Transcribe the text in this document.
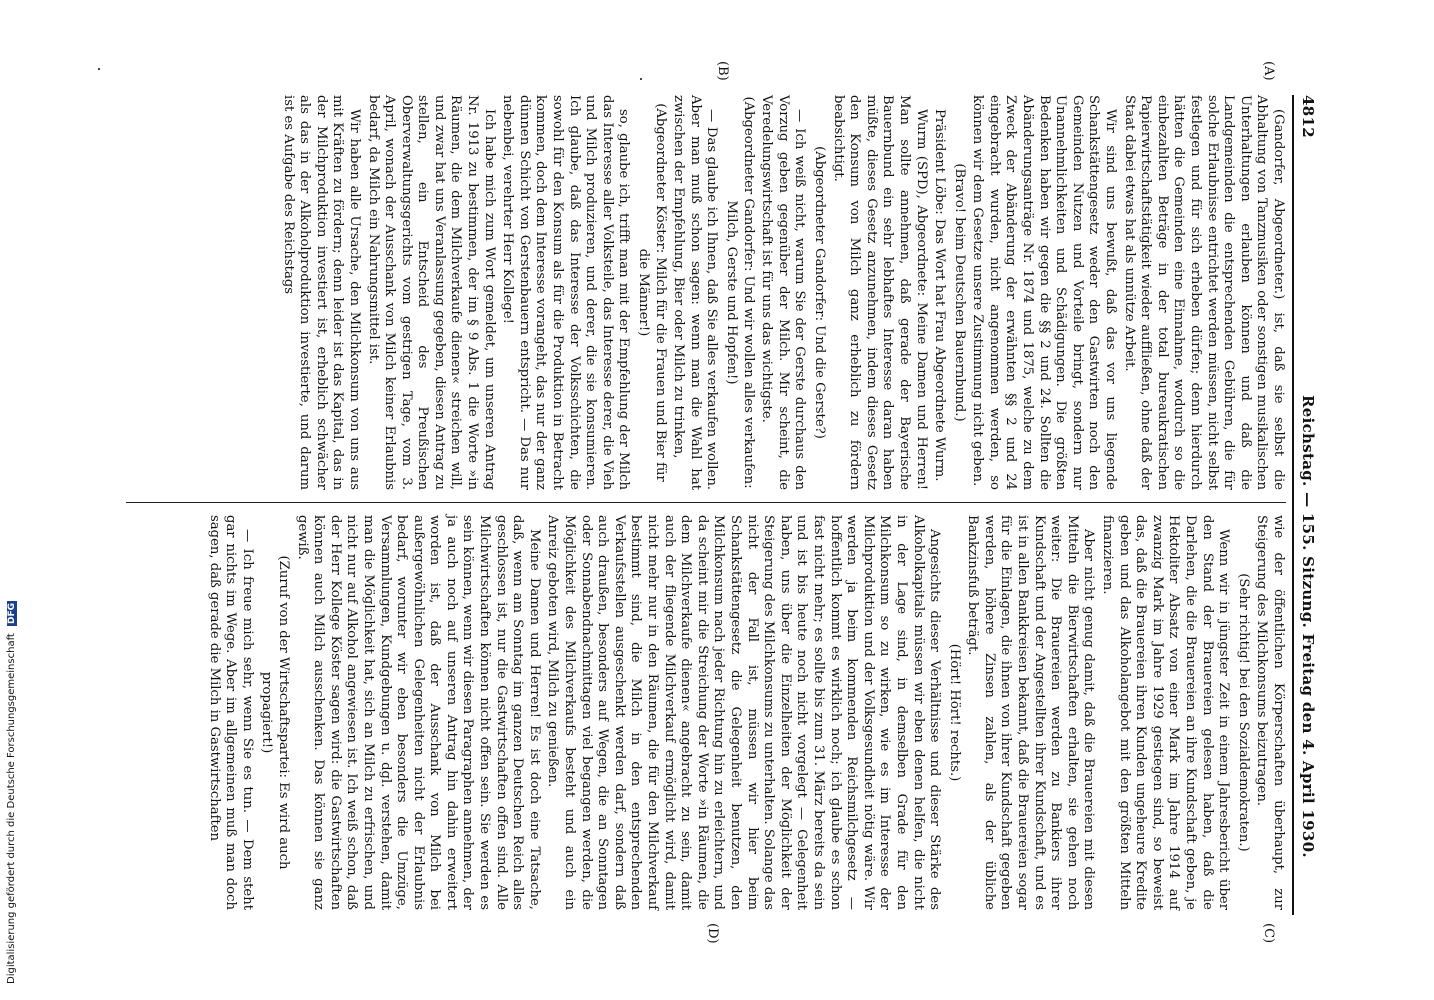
4812
Reichstag. — 155. Sitzung. Freitag den 4. April 1930.
(A)
(B)
(C)
(D)

(Gandorfer, Abgeordneter.) ist, daß sie selbst die Abhaltung von Tanzmusiken oder sonstigen musikalischen Unterhaltungen erlauben können und daß die Landgemeinden die entsprechenden Gebühren, die für solche Erlaubnisse entrichtet werden müssen, nicht selbst festlegen und für sich erheben dürfen; denn hierdurch hätten die Gemeinden eine Einnahme, wodurch so die einbezahlten Beträge in der total bureaukratischen Papierwirtschaftstätigkeit wieder auffließen, ohne daß der Staat dabei etwas hat als unnütze Arbeit.

Wir sind uns bewußt, daß das vor uns liegende Schankstättengesetz weder den Gastwirten noch den Gemeinden Nutzen und Vorteile bringt, sondern nur Unannehmlichkeiten und Schädigungen. Die größten Bedenken haben wir gegen die §§ 2 und 24. Sollten die Abänderungsanträge Nr. 1874 und 1875, welche zu dem Zweck der Abänderung der erwähnten §§ 2 und 24 eingebracht wurden, nicht angenommen werden, so können wir dem Gesetze unsere Zustimmung nicht geben.

(Bravo! beim Deutschen Bauernbund.)

Präsident Löbe: Das Wort hat Frau Abgeordnete Wurm.

Wurm (SPD), Abgeordnete: Meine Damen und Herren! Man sollte annehmen, daß gerade der Bayerische Bauernbund ein sehr lebhaftes Interesse daran haben müßte, dieses Gesetz anzunehmen, indem dieses Gesetz den Konsum von Milch ganz erheblich zu fördern beabsichtigt.

(Abgeordneter Gandorfer: Und die Gerste?)

— Ich weiß nicht, warum Sie der Gerste durchaus den Vorzug geben gegenüber der Milch. Mir scheint, die Veredelungswirtschaft ist für uns das wichtigste.

(Abgeordneter Gandorfer: Und wir wollen alles verkaufen: Milch, Gerste und Hopfen!)

— Das glaube ich Ihnen, daß Sie alles verkaufen wollen. Aber man muß schon sagen: wenn man die Wahl hat zwischen der Empfehlung, Bier oder Milch zu trinken,

(Abgeordneter Köster: Milch für die Frauen und Bier für die Männer!)

so, glaube ich, trifft man mit der Empfehlung der Milch das Interesse aller Volksteile, das Interesse derer, die Vieh und Milch produzieren, und derer, die sie konsumieren. Ich glaube, daß das Interesse der Volksschichten, die sowohl für den Konsum als für die Produktion in Betracht kommen, doch dem Interesse vorangeht, das nur der ganz dünnen Schicht von Gerstenbauern entspricht. — Das nur nebenbei, verehrter Herr Kollege!

Ich habe mich zum Wort gemeldet, um unseren Antrag Nr. 1913 zu bestimmen, der im § 9 Abs. 1 die Worte »in Räumen, die dem Milchverkaufe dienen« streichen will, und zwar hat uns Veranlassung gegeben, diesen Antrag zu stellen, ein Entscheid des Preußischen Oberverwaltungsgerichts vom gestrigen Tage, vom 3. April, wonach der Ausschank von Milch keiner Erlaubnis bedarf, da Milch ein Nahrungsmittel ist.

Wir haben alle Ursache, den Milchkonsum von uns aus mit Kräften zu fördern; denn leider ist das Kapital, das in der Milchproduktion investiert ist, erheblich schwächer als das in der Alkoholproduktion investierte, und darum ist es Aufgabe des Reichstags

wie der öffentlichen Körperschaften überhaupt, zur Steigerung des Milchkonsums beizutragen.

(Sehr richtig! bei den Sozialdemokraten.)

Wenn wir in jüngster Zeit in einem Jahresbericht über den Stand der Brauereien gelesen haben, daß die Darlehen, die die Brauereien an ihre Kundschaft geben, je Hektoliter Absatz von einer Mark im Jahre 1914 auf zwanzig Mark im Jahre 1929 gestiegen sind, so beweist das, daß die Brauereien ihren Kunden ungeheure Kredite geben und das Alkoholangebot mit den größten Mitteln finanzieren.

Aber nicht genug damit, daß die Brauereien mit diesen Mitteln die Bierwirtschaften erhalten, sie gehen noch weiter: Die Brauereien werden zu Bankiers ihrer Kundschaft und der Angestellten ihrer Kundschaft, und es ist in allen Bankkreisen bekannt, daß die Brauereien sogar für die Einlagen, die ihnen von ihrer Kundschaft gegeben werden, höhere Zinsen zahlen, als der übliche Bankzinsfuß beträgt.

(Hört! Hört! rechts.)

Angesichts dieser Verhältnisse und dieser Stärke des Alkoholkapitals müssen wir eben denen helfen, die nicht in der Lage sind, in demselben Grade für den Milchkonsum so zu wirken, wie es im Interesse der Milchproduktion und der Volksgesundheit nötig wäre. Wir werden ja beim kommenden Reichsmilchgesetz — hoffentlich kommt es wirklich noch; ich glaube es schon fast nicht mehr; es sollte bis zum 31. März bereits da sein und ist bis heute noch nicht vorgelegt — Gelegenheit haben, uns über die Einzelheiten der Möglichkeit der Steigerung des Milchkonsums zu unterhalten. Solange das nicht der Fall ist, müssen wir hier beim Schankstättengesetz die Gelegenheit benutzen, den Milchkonsum nach jeder Richtung hin zu erleichtern, und da scheint mir die Streichung der Worte »in Räumen, die dem Milchverkaufe dienen« angebracht zu sein, damit auch der fliegende Milchverkauf ermöglicht wird, damit nicht mehr nur in den Räumen, die für den Milchverkauf bestimmt sind, die Milch in den entsprechenden Verkaufsstellen ausgeschenkt werden darf, sondern daß auch draußen, besonders auf Wegen, die an Sonntagen oder Sonnabendnachmittagen viel begangen werden, die Möglichkeit des Milchverkaufs besteht und auch ein Anreiz geboten wird, Milch zu genießen.

Meine Damen und Herren! Es ist doch eine Tatsache, daß, wenn am Sonntag im ganzen Deutschen Reich alles geschlossen ist, nur die Gastwirtschaften offen sind. Alle Milchwirtschaften können nicht offen sein. Sie werden es sein können, wenn wir diesen Paragraphen annehmen, der ja auch noch auf unseren Antrag hin dahin erweitert worden ist, daß der Ausschank von Milch bei außergewöhnlichen Gelegenheiten nicht der Erlaubnis bedarf, worunter wir eben besonders die Umzüge, Versammlungen, Kundgebungen u. dgl. verstehen, damit man die Möglichkeit hat, sich an Milch zu erfrischen, und nicht nur auf Alkohol angewiesen ist. Ich weiß schon, daß der Herr Kollege Köster sagen wird: die Gastwirtschaften können auch Milch ausschenken. Das können sie ganz gewiß.

(Zuruf von der Wirtschaftspartei: Es wird auch propagiert!)

— Ich freue mich sehr, wenn Sie es tun. — Dem steht gar nichts im Wege. Aber im allgemeinen muß man doch sagen, daß gerade die Milch in Gastwirtschaften

Digitalisierung gefördert durch die Deutsche Forschungsgemeinschaft DFG
